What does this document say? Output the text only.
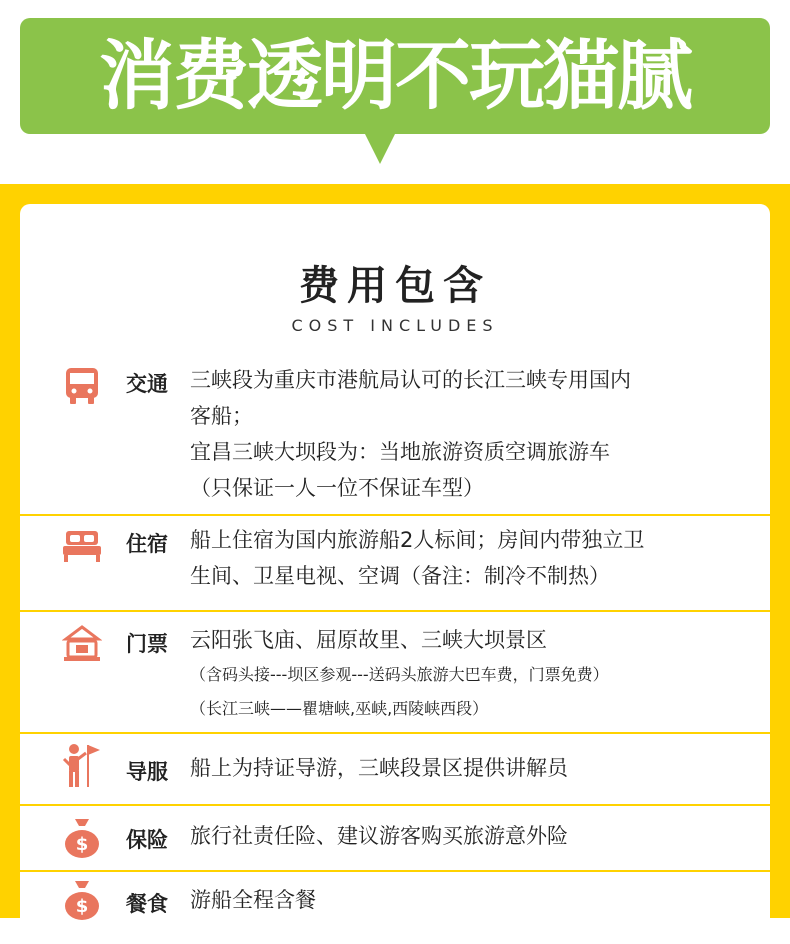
消费透明不玩猫腻
费用包含
COST INCLUDES
交通 三峡段为重庆市港航局认可的长江三峡专用国内
客船；
宜昌三峡大坝段为：当地旅游资质空调旅游车
（只保证一人一位不保证车型）
住宿 船上住宿为国内旅游船2人标间；房间内带独立卫
生间、卫星电视、空调（备注：制冷不制热）
门票 云阳张飞庙、屈原故里、三峡大坝景区
（含码头接---坝区参观---送码头旅游大巴车费，门票免费）
（长江三峡——瞿塘峡,巫峡,西陵峡西段）
导服 船上为持证导游，三峡段景区提供讲解员
$ 保险 旅行社责任险、建议游客购买旅游意外险
$ 餐食 游船全程含餐
